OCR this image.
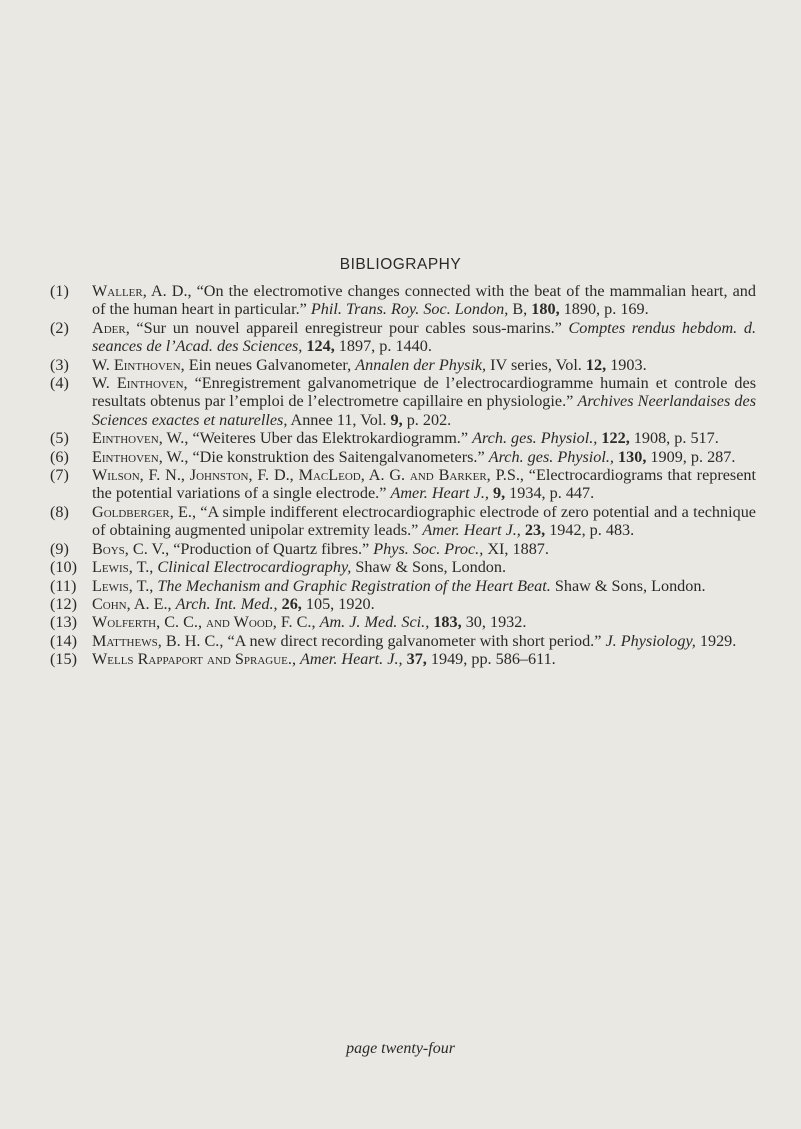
BIBLIOGRAPHY
(1) Waller, A. D., “On the electromotive changes connected with the beat of the mammalian heart, and of the human heart in particular.” Phil. Trans. Roy. Soc. London, B, 180, 1890, p. 169.
(2) Ader, “Sur un nouvel appareil enregistreur pour cables sous-marins.” Comptes rendus hebdom. d. seances de l’Acad. des Sciences, 124, 1897, p. 1440.
(3) W. Einthoven, Ein neues Galvanometer, Annalen der Physik, IV series, Vol. 12, 1903.
(4) W. Einthoven, “Enregistrement galvanometrique de l’electrocardiogramme humain et controle des resultats obtenus par l’emploi de l’electrometre capillaire en physiologie.” Archives Neerlandaises des Sciences exactes et naturelles, Annee 11, Vol. 9, p. 202.
(5) Einthoven, W., “Weiteres Uber das Elektrokardiogramm.” Arch. ges. Physiol., 122, 1908, p. 517.
(6) Einthoven, W., “Die konstruktion des Saitengalvanometers.” Arch. ges. Physiol., 130, 1909, p. 287.
(7) Wilson, F. N., Johnston, F. D., MacLeod, A. G. and Barker, P.S., “Electrocardiograms that represent the potential variations of a single electrode.” Amer. Heart J., 9, 1934, p. 447.
(8) Goldberger, E., “A simple indifferent electrocardiographic electrode of zero potential and a technique of obtaining augmented unipolar extremity leads.” Amer. Heart J., 23, 1942, p. 483.
(9) Boys, C. V., “Production of Quartz fibres.” Phys. Soc. Proc., XI, 1887.
(10) Lewis, T., Clinical Electrocardiography, Shaw & Sons, London.
(11) Lewis, T., The Mechanism and Graphic Registration of the Heart Beat. Shaw & Sons, London.
(12) Cohn, A. E., Arch. Int. Med., 26, 105, 1920.
(13) Wolferth, C. C., and Wood, F. C., Am. J. Med. Sci., 183, 30, 1932.
(14) Matthews, B. H. C., “A new direct recording galvanometer with short period.” J. Physiology, 1929.
(15) Wells Rappaport and Sprague., Amer. Heart. J., 37, 1949, pp. 586–611.
page twenty-four
